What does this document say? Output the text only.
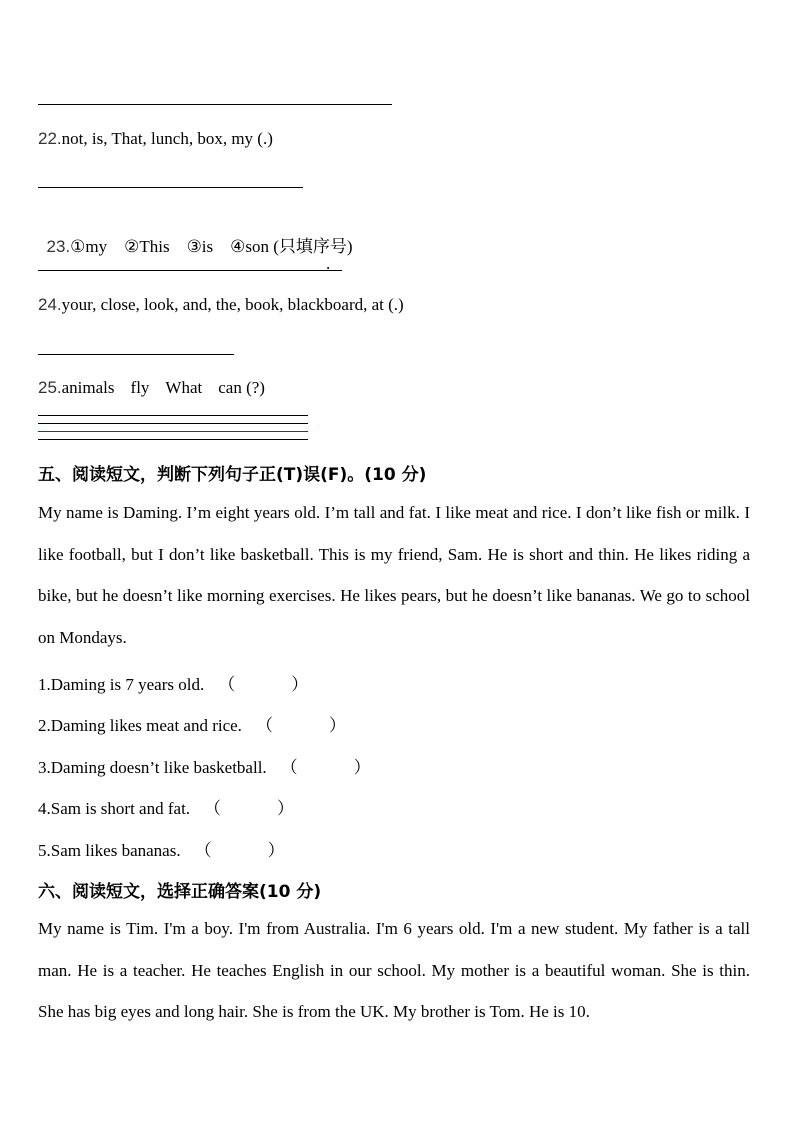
22.not, is, That, lunch, box, my (.)

23.①my    ②This    ③is    ④son (只填序号)

.
24.your, close, look, and, the, book, blackboard, at (.)
25.animals fly What can (?)
五、阅读短文，判断下列句子正(T)误(F)。(10 分)
My name is Daming. I’m eight years old. I’m tall and fat. I like meat and rice. I don’t like fish or milk. I like football, but I don’t like basketball. This is my friend, Sam. He is short and thin. He likes riding a bike, but he doesn’t like morning exercises. He likes pears, but he doesn’t like bananas. We go to school on Mondays.
1.Daming is 7 years old. （	）
2.Daming likes meat and rice. （	）
3.Daming doesn’t like basketball. （	）
4.Sam is short and fat. （	）
5.Sam likes bananas. （	）
六、阅读短文，选择正确答案(10 分)
My name is Tim. I'm a boy. I'm from Australia. I'm 6 years old. I'm a new student. My father is a tall man. He is a teacher. He teaches English in our school. My mother is a beautiful woman. She is thin. She has big eyes and long hair. She is from the UK. My brother is Tom. He is 10.
